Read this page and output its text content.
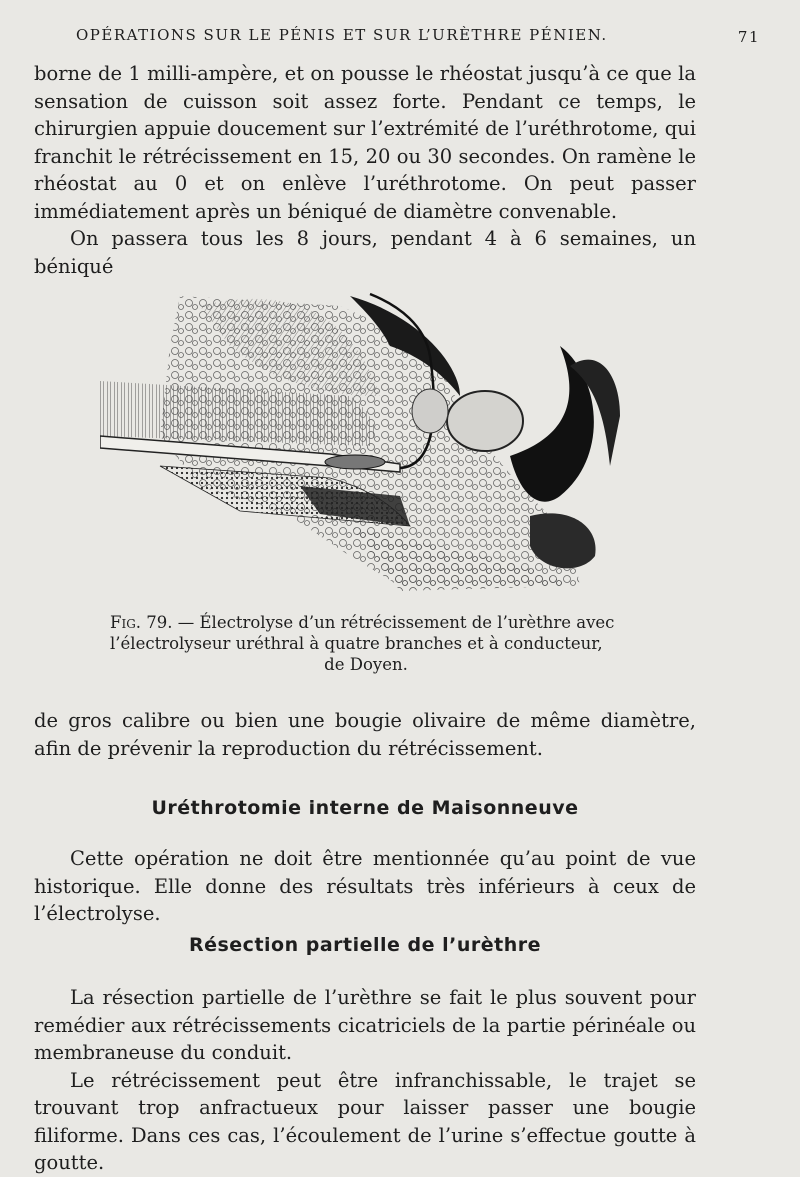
OPÉRATIONS SUR LE PÉNIS ET SUR L’URÈTHRE PÉNIEN.	71

borne de 1 milli-ampère, et on pousse le rhéostat jusqu’à ce que la sensation de cuisson soit assez forte. Pendant ce temps, le chirurgien appuie doucement sur l’extrémité de l’uréthrotome, qui franchit le rétrécissement en 15, 20 ou 30 secondes. On ramène le rhéostat au 0 et on enlève l’uréthrotome. On peut passer immédiatement après un béniqué de diamètre convenable.

On passera tous les 8 jours, pendant 4 à 6 semaines, un béniqué

Fig. 79. — Électrolyse d’un rétrécissement de l’urèthre avec
l’électrolyseur uréthral à quatre branches et à conducteur,
de Doyen.

de gros calibre ou bien une bougie olivaire de même diamètre, afin de prévenir la reproduction du rétrécissement.

Uréthrotomie interne de Maisonneuve

Cette opération ne doit être mentionnée qu’au point de vue historique. Elle donne des résultats très inférieurs à ceux de l’électrolyse.

Résection partielle de l’urèthre

La résection partielle de l’urèthre se fait le plus souvent pour remédier aux rétrécissements cicatriciels de la partie périnéale ou membraneuse du conduit.

Le rétrécissement peut être infranchissable, le trajet se trouvant trop anfractueux pour laisser passer une bougie filiforme. Dans ces cas, l’écoulement de l’urine s’effectue goutte à goutte.
